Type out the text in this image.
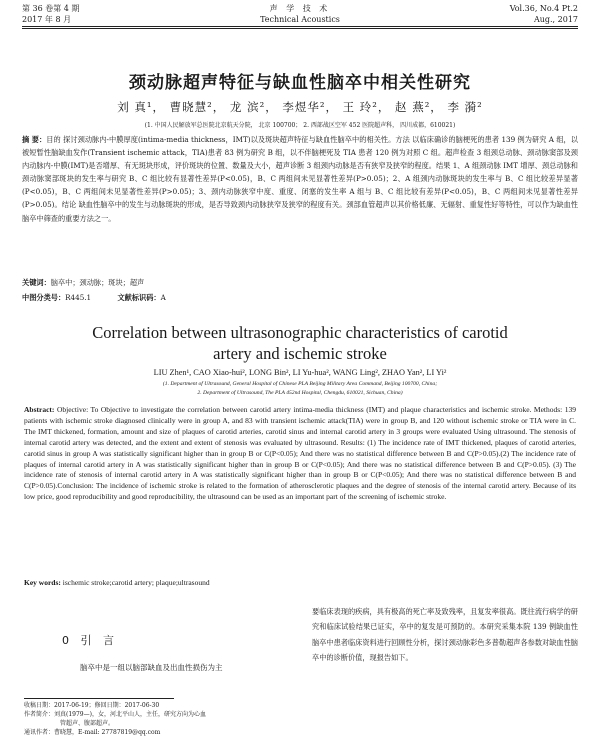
第 36 卷第 4 期
2017 年 8 月
声 学 技 术
Technical Acoustics
Vol.36, No.4 Pt.2
Aug., 2017
颈动脉超声特征与缺血性脑卒中相关性研究
刘 真¹， 曹晓慧²， 龙 滨²， 李煜华²， 王 玲²， 赵 燕²， 李 漪²
(1. 中国人民解放军总医院北京航天分院， 北京 100700； 2. 西部战区空军 452 医院超声科， 四川成都，610021)
摘 要：目的 探讨颈动脉内-中膜厚度(intima-media thickness，IMT)以及斑块超声特征与缺血性脑卒中的相关性。方法 以临床确诊的脑梗死的患者 139 例为研究 A 组，以被短暂性脑缺血发作(Transient ischemic attack，TIA)患者 83 例为研究 B 组，以不伴脑梗死及 TIA 患者 120 例为对照 C 组。超声检查 3 组颈总动脉、颈动脉窦部及颈内动脉内-中膜(IMT)是否增厚、有无斑块形成，评价斑块的位置、数量及大小，超声诊断 3 组颈内动脉是否有狭窄及狭窄的程度。结果 1、A 组颈动脉 IMT 增厚、颈总动脉和颈动脉窦部斑块的发生率与研究 B、C 组比较有显著性差异(P<0.05)，B、C 两组间未见显著性差异(P>0.05)；2、A 组颈内动脉斑块的发生率与 B、C 组比较差异显著(P<0.05)，B、C 两组间未见显著性差异(P>0.05)；3、颈内动脉狭窄中度、重度、闭塞的发生率 A 组与 B、C 组比较有差异(P<0.05)，B、C 两组间未见显著性差异(P>0.05)。结论 缺血性脑卒中的发生与动脉斑块的形成，是否导致颈内动脉狭窄及狭窄的程度有关。颈部血管超声以其价格低廉、无辐射、重复性好等特性，可以作为缺血性脑卒中筛查的重要方法之一。
关键词：脑卒中；颈动脉；斑块；超声
中图分类号：R445.1	文献标识码：A
Correlation between ultrasonographic characteristics of carotid
artery and ischemic stroke
LIU Zhen¹, CAO Xiao-hui², LONG Bin², LI Yu-hua², WANG Ling², ZHAO Yan², LI Yi²
(1. Department of Ultrasound, General Hospital of Chinese PLA Beijing Military Area Command, Beijing 100700, China;
2. Department of Ultrasound, The PLA 452nd Hospital, Chengdu, 610021, Sichuan, China)
Abstract: Objective: To Objective to investigate the correlation between carotid artery intima-media thickness (IMT) and plaque characteristics and ischemic stroke. Methods: 139 patients with ischemic stroke diagnosed clinically were in group A, and 83 with transient ischemic attack(TIA) were in group B, and 120 without ischemic stroke or TIA were in C. The IMT thickened, formation, amount and size of plaques of carotid arteries, carotid sinus and internal carotid artery in 3 groups were evaluated Using ultrasound. The stenosis of internal carotid artery was detected, and the extent and extent of stenosis was evaluated by ultrasound. Results: (1) The incidence rate of IMT thickened, plaques of carotid arteries, carotid sinus in group A was statistically significant higher than in group B or C(P<0.05); And there was no statistical difference between B and C(P>0.05).(2) The incidence rate of plaques of internal carotid artery in A was statistically significant higher than in group B or C(P<0.05); And there was no statistical difference between B and C(P>0.05). (3) The incidence rate of stenosis of internal carotid artery in A was statistically significant higher than in group B or C(P<0.05); And there was no statistical difference between B and C(P>0.05).Conclusion: The incidence of ischemic stroke is related to the formation of atherosclerotic plaques and the degree of stenosis of the internal carotid artery. Because of its low price, good reproducibility and good reproducibility, the ultrasound can be used as an important part of the screening of ischemic stroke.
Key words: ischemic stroke;carotid artery; plaque;ultrasound
0 引 言
脑卒中是一组以脑部缺血及出血性损伤为主
要临床表现的疾病，具有极高的死亡率及致残率，且复发率很高。既往流行病学的研究和临床试验结果已证实，卒中的复发是可预防的。本研究采集本院 139 例缺血性脑卒中患者临床资料进行回顾性分析，探讨颈动脉彩色多普勒超声各参数对缺血性脑卒中的诊断价值，现报告如下。
收稿日期：2017-06-19；修回日期：2017-06-30
作者简介：刘真(1979—)，女，河北平山人，主任，研究方向为心血
管超声、腹部超声。
通讯作者：曹晓慧，E-mail: 27787819@qq.com
